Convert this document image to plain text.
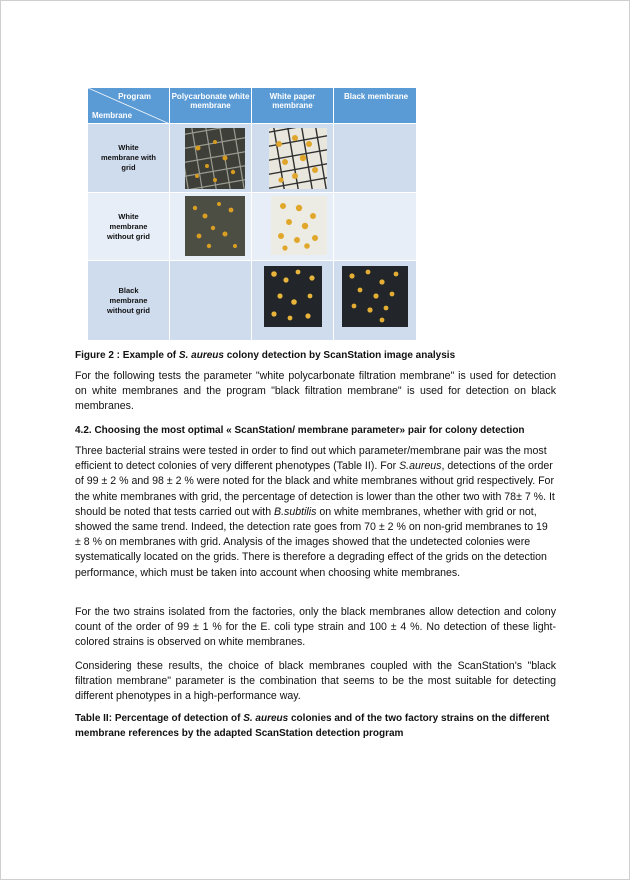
Program
Membrane
Polycarbonate white membrane
White paper membrane
Black membrane
White membrane with grid
White membrane without grid
Black membrane without grid
Figure 2 : Example of S. aureus colony detection by ScanStation image analysis
For the following tests the parameter "white polycarbonate filtration membrane" is used for detection on white membranes and the program "black filtration membrane" is used for detection on black membranes.
4.2. Choosing the most optimal « ScanStation/ membrane parameter» pair for colony detection
Three bacterial strains were tested in order to find out which parameter/membrane pair was the most efficient to detect colonies of very different phenotypes (Table II). For S.aureus, detections of the order of 99 ± 2 % and 98 ± 2 % were noted for the black and white membranes without grid respectively. For the white membranes with grid, the percentage of detection is lower than the other two with 78± 7 %. It should be noted that tests carried out with B.subtilis on white membranes, whether with grid or not, showed the same trend. Indeed, the detection rate goes from 70 ± 2 % on non-grid membranes to 19 ± 8 % on membranes with grid. Analysis of the images showed that the undetected colonies were systematically located on the grids. There is therefore a degrading effect of the grids on the detection performance, which must be taken into account when choosing white membranes.
For the two strains isolated from the factories, only the black membranes allow detection and colony count of the order of 99 ± 1 % for the E. coli type strain and 100 ± 4 %. No detection of these light-colored strains is observed on white membranes.
Considering these results, the choice of black membranes coupled with the ScanStation's "black filtration membrane" parameter is the combination that seems to be the most suitable for detecting different phenotypes in a high-performance way.
Table II: Percentage of detection of S. aureus colonies and of the two factory strains on the different membrane references by the adapted ScanStation detection program
